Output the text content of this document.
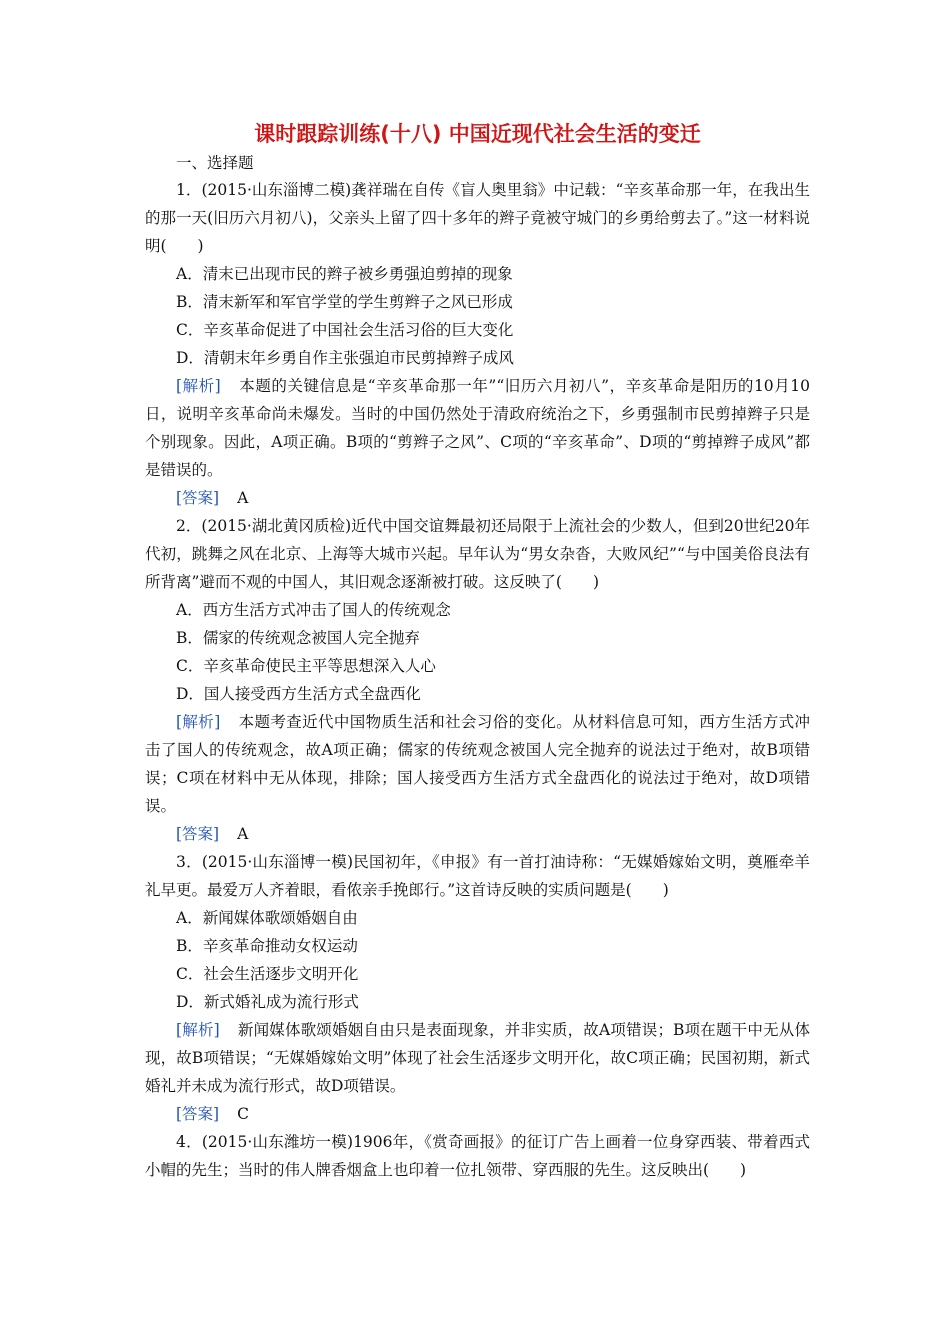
课时跟踪训练(十八) 中国近现代社会生活的变迁
一、选择题

1．(2015·山东淄博二模)龚祥瑞在自传《盲人奥里翁》中记载：“辛亥革命那一年，在我出生的那一天(旧历六月初八)，父亲头上留了四十多年的辫子竟被守城门的乡勇给剪去了。”这一材料说明(　　)

A．清末已出现市民的辫子被乡勇强迫剪掉的现象

B．清末新军和军官学堂的学生剪辫子之风已形成

C．辛亥革命促进了中国社会生活习俗的巨大变化

D．清朝末年乡勇自作主张强迫市民剪掉辫子成风

[解析] 本题的关键信息是“辛亥革命那一年”“旧历六月初八”，辛亥革命是阳历的10月10日，说明辛亥革命尚未爆发。当时的中国仍然处于清政府统治之下，乡勇强制市民剪掉辫子只是个别现象。因此，A项正确。B项的“剪辫子之风”、C项的“辛亥革命”、D项的“剪掉辫子成风”都是错误的。

[答案] A

2．(2015·湖北黄冈质检)近代中国交谊舞最初还局限于上流社会的少数人，但到20世纪20年代初，跳舞之风在北京、上海等大城市兴起。早年认为“男女杂沓，大败风纪”“与中国美俗良法有所背离”避而不观的中国人，其旧观念逐渐被打破。这反映了(　　)

A．西方生活方式冲击了国人的传统观念

B．儒家的传统观念被国人完全抛弃

C．辛亥革命使民主平等思想深入人心

D．国人接受西方生活方式全盘西化

[解析] 本题考查近代中国物质生活和社会习俗的变化。从材料信息可知，西方生活方式冲击了国人的传统观念，故A项正确；儒家的传统观念被国人完全抛弃的说法过于绝对，故B项错误；C项在材料中无从体现，排除；国人接受西方生活方式全盘西化的说法过于绝对，故D项错误。

[答案] A

3．(2015·山东淄博一模)民国初年，《申报》有一首打油诗称：“无媒婚嫁始文明，奠雁牵羊礼早更。最爱万人齐着眼，看侬亲手挽郎行。”这首诗反映的实质问题是(　　)

A．新闻媒体歌颂婚姻自由

B．辛亥革命推动女权运动

C．社会生活逐步文明开化

D．新式婚礼成为流行形式

[解析] 新闻媒体歌颂婚姻自由只是表面现象，并非实质，故A项错误；B项在题干中无从体现，故B项错误；“无媒婚嫁始文明”体现了社会生活逐步文明开化，故C项正确；民国初期，新式婚礼并未成为流行形式，故D项错误。

[答案] C

4．(2015·山东潍坊一模)1906年，《赏奇画报》的征订广告上画着一位身穿西装、带着西式小帽的先生；当时的伟人牌香烟盒上也印着一位扎领带、穿西服的先生。这反映出(　　)
